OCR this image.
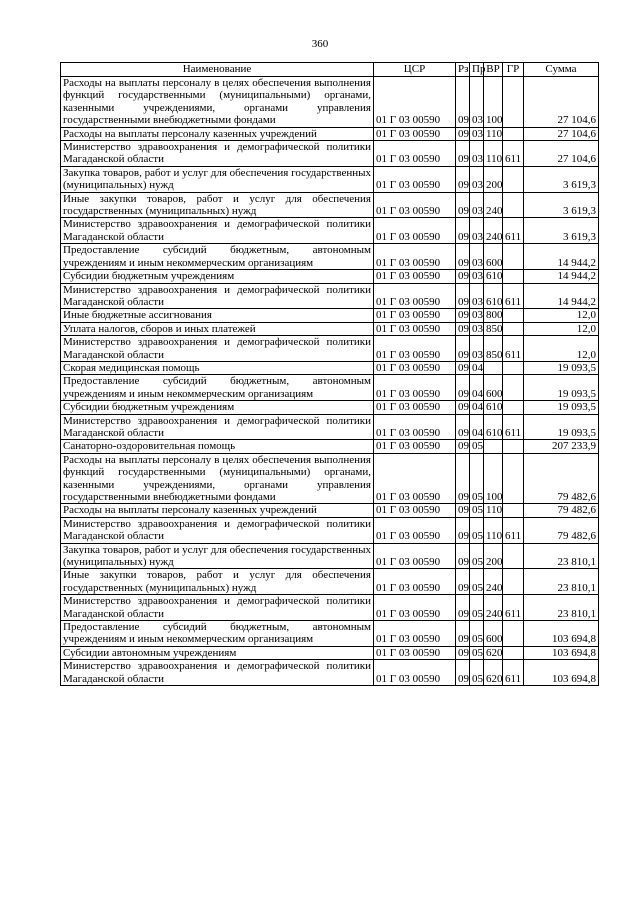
360
Наименование	ЦСР	Рз	Пр	ВР	ГР	Сумма
Расходы на выплаты персоналу в целях обеспечения выполнения функций государственными (муниципальными) органами, казенными учреждениями, органами управления государственными внебюджетными фондами	01 Г 03 00590	09	03	100		27 104,6
Расходы на выплаты персоналу казенных учреждений	01 Г 03 00590	09	03	110		27 104,6
Министерство здравоохранения и демографической политики Магаданской области	01 Г 03 00590	09	03	110	611	27 104,6
Закупка товаров, работ и услуг для обеспечения государственных (муниципальных) нужд	01 Г 03 00590	09	03	200		3 619,3
Иные закупки товаров, работ и услуг для обеспечения государственных (муниципальных) нужд	01 Г 03 00590	09	03	240		3 619,3
Министерство здравоохранения и демографической политики Магаданской области	01 Г 03 00590	09	03	240	611	3 619,3
Предоставление субсидий бюджетным, автономным учреждениям и иным некоммерческим организациям	01 Г 03 00590	09	03	600		14 944,2
Субсидии бюджетным учреждениям	01 Г 03 00590	09	03	610		14 944,2
Министерство здравоохранения и демографической политики Магаданской области	01 Г 03 00590	09	03	610	611	14 944,2
Иные бюджетные ассигнования	01 Г 03 00590	09	03	800		12,0
Уплата налогов, сборов и иных платежей	01 Г 03 00590	09	03	850		12,0
Министерство здравоохранения и демографической политики Магаданской области	01 Г 03 00590	09	03	850	611	12,0
Скорая медицинская помощь	01 Г 03 00590	09	04			19 093,5
Предоставление субсидий бюджетным, автономным учреждениям и иным некоммерческим организациям	01 Г 03 00590	09	04	600		19 093,5
Субсидии бюджетным учреждениям	01 Г 03 00590	09	04	610		19 093,5
Министерство здравоохранения и демографической политики Магаданской области	01 Г 03 00590	09	04	610	611	19 093,5
Санаторно-оздоровительная помощь	01 Г 03 00590	09	05			207 233,9
Расходы на выплаты персоналу в целях обеспечения выполнения функций государственными (муниципальными) органами, казенными учреждениями, органами управления государственными внебюджетными фондами	01 Г 03 00590	09	05	100		79 482,6
Расходы на выплаты персоналу казенных учреждений	01 Г 03 00590	09	05	110		79 482,6
Министерство здравоохранения и демографической политики Магаданской области	01 Г 03 00590	09	05	110	611	79 482,6
Закупка товаров, работ и услуг для обеспечения государственных (муниципальных) нужд	01 Г 03 00590	09	05	200		23 810,1
Иные закупки товаров, работ и услуг для обеспечения государственных (муниципальных) нужд	01 Г 03 00590	09	05	240		23 810,1
Министерство здравоохранения и демографической политики Магаданской области	01 Г 03 00590	09	05	240	611	23 810,1
Предоставление субсидий бюджетным, автономным учреждениям и иным некоммерческим организациям	01 Г 03 00590	09	05	600		103 694,8
Субсидии автономным учреждениям	01 Г 03 00590	09	05	620		103 694,8
Министерство здравоохранения и демографической политики Магаданской области	01 Г 03 00590	09	05	620	611	103 694,8
